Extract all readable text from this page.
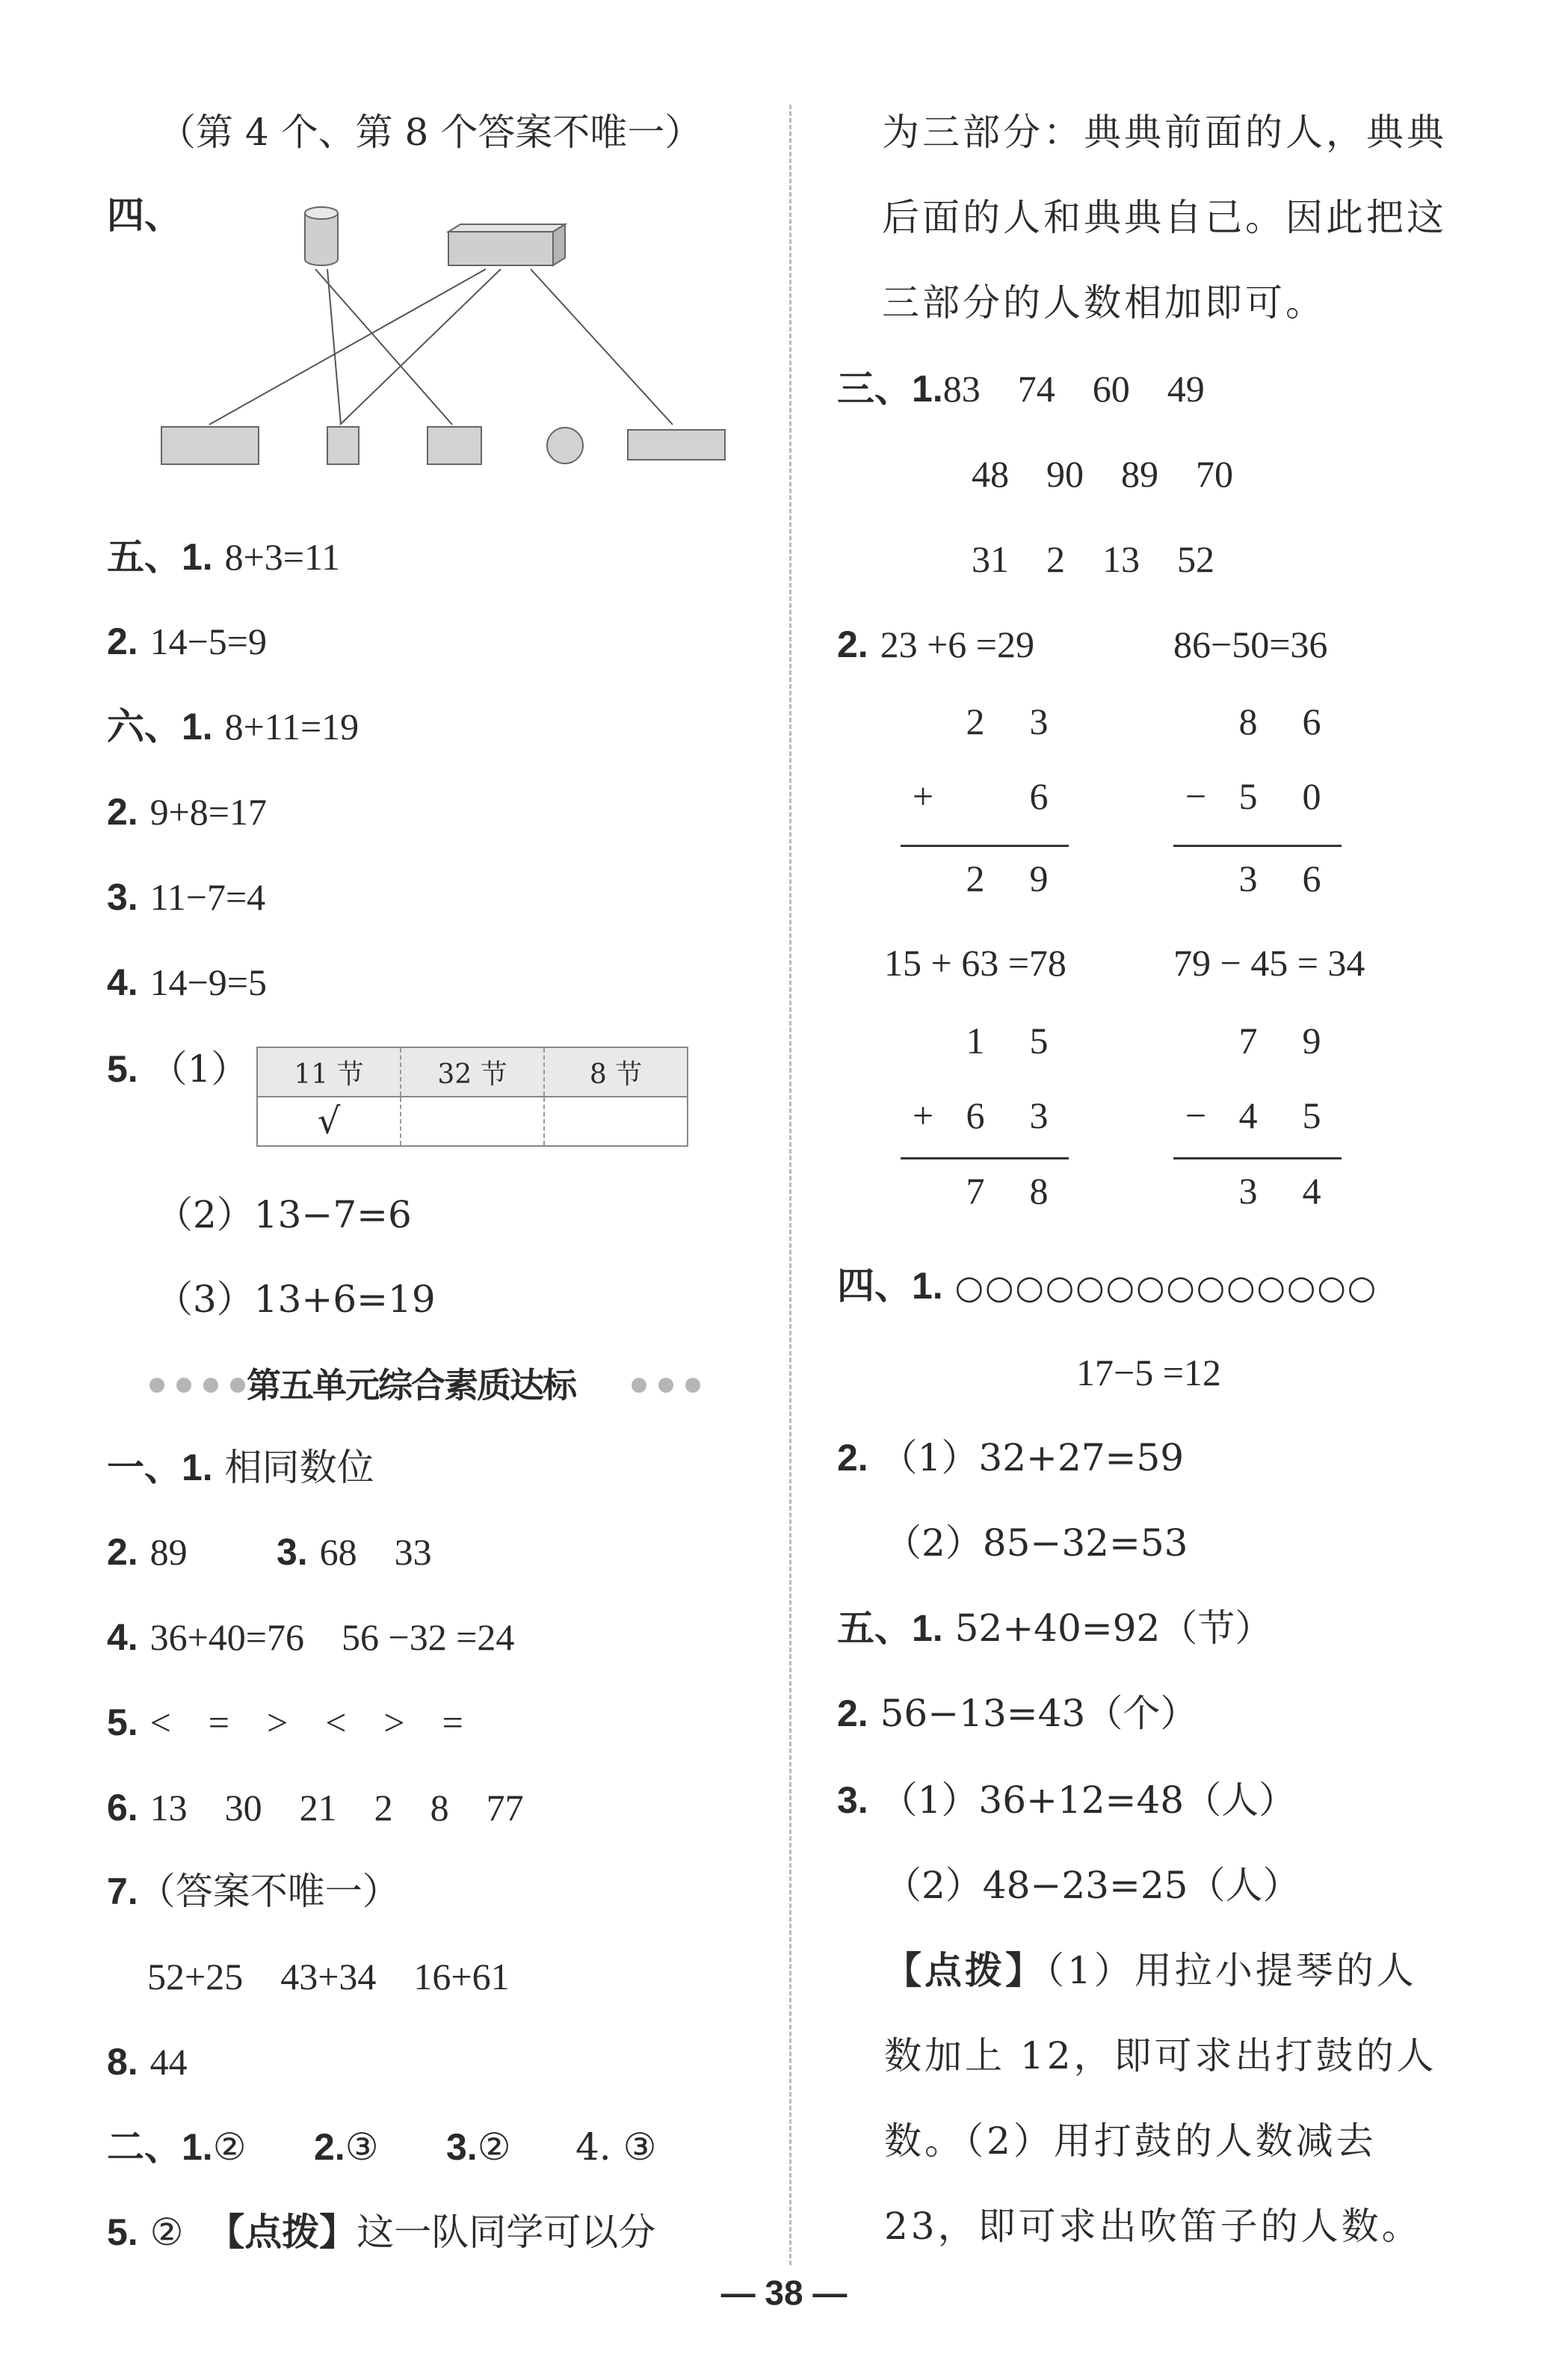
（第 4 个、第 8 个答案不唯一）
四、
五、1. 8+3=11
2. 14−5=9
六、1. 8+11=19
2. 9+8=17
3. 11−7=4
4. 14−9=5
5. （1） 11 节	32 节	8 节
√		
（2）13−7=6
（3）13+6=19
第五单元综合素质达标
一、1. 相同数位
2. 89 3. 68　33
4. 36+40=76　56 −32 =24
5. <　=　>　<　>　=
6. 13　30　21　2　8　77
7.（答案不唯一）
52+25　43+34　16+61
8. 44
二、1.② 2.③ 3.② 4. ③
5. ② 【点拨】这一队同学可以分
为三部分：典典前面的人，典典
后面的人和典典自己。因此把这
三部分的人数相加即可。
三、1.83　74　60　49
48　90　89　70
31　2　13　52
2. 23 +6 =29	86−50=36
2	3
+	6
2	9
8	6
− 5	0
3	6
15 + 63 =78	79 − 45 = 34
1	5
+ 6	3
7	8
7	9
− 4	5
3	4
四、1. ○○○○○○○○○○○○○○
17−5 =12
2. （1）32+27=59
（2）85−32=53
五、1. 52+40=92（节）
2. 56−13=43（个）
3. （1）36+12=48（人）
（2）48−23=25（人）
【点拨】（1）用拉小提琴的人
数加上 12，即可求出打鼓的人
数。（2）用打鼓的人数减去
23，即可求出吹笛子的人数。
— 38 —
